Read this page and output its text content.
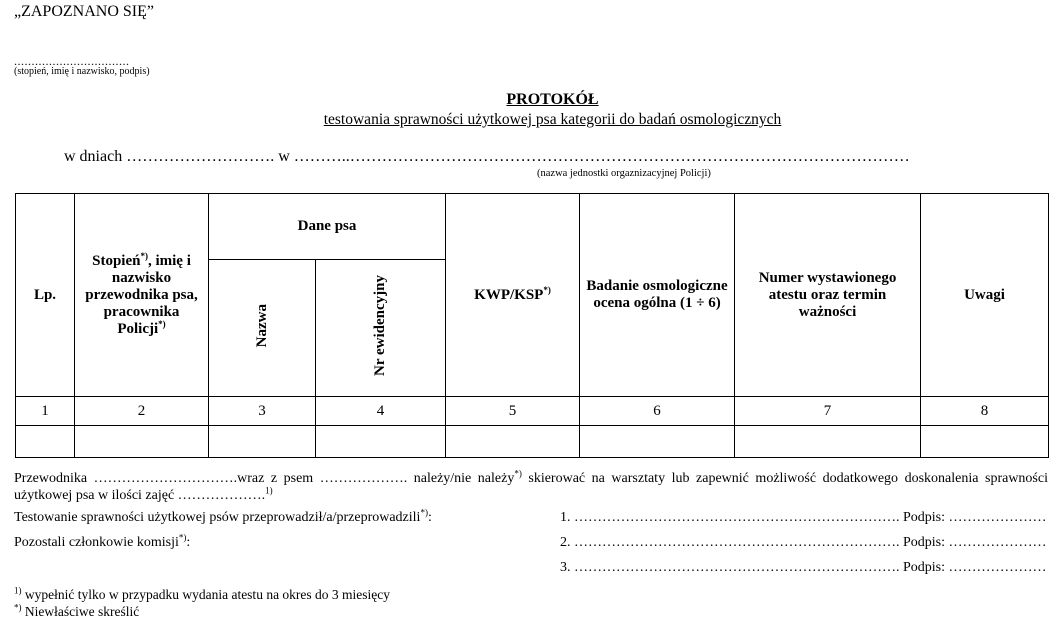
„ZAPOZNANO SIĘ”
.................................
(stopień, imię i nazwisko, podpis)
PROTOKÓŁ
testowania sprawności użytkowej psa kategorii do badań osmologicznych
w dniach ………………………. w ………..……………………………………………………………………………………………
(nazwa jednostki orgaznizacyjnej Policji)
Lp.	Stopień*), imię i nazwisko przewodnika psa, pracownika Policji*)	Dane psa		KWP/KSP*)	Badanie osmologiczne ocena ogólna (1 ÷ 6)	Numer wystawionego atestu oraz termin ważności	Uwagi
		Nazwa	Nr ewidencyjny				
1	2	3	4	5	6	7	8

Przewodnika ………………………….wraz z psem ………………. należy/nie należy*) skierować na warsztaty lub zapewnić możliwość dodatkowego doskonalenia sprawności użytkowej psa w ilości zajęć ……………….$^{1)}$
Testowanie sprawności użytkowej psów przeprowadził/a/przeprowadzili*):
Pozostali członkowie komisji*):
1. ……………………………………………………………. Podpis: …………………
2. ……………………………………………………………. Podpis: …………………
3. ……………………………………………………………. Podpis: …………………
$^{1)}$ wypełnić tylko w przypadku wydania atestu na okres do 3 miesięcy
*) Niewłaściwe skreślić
